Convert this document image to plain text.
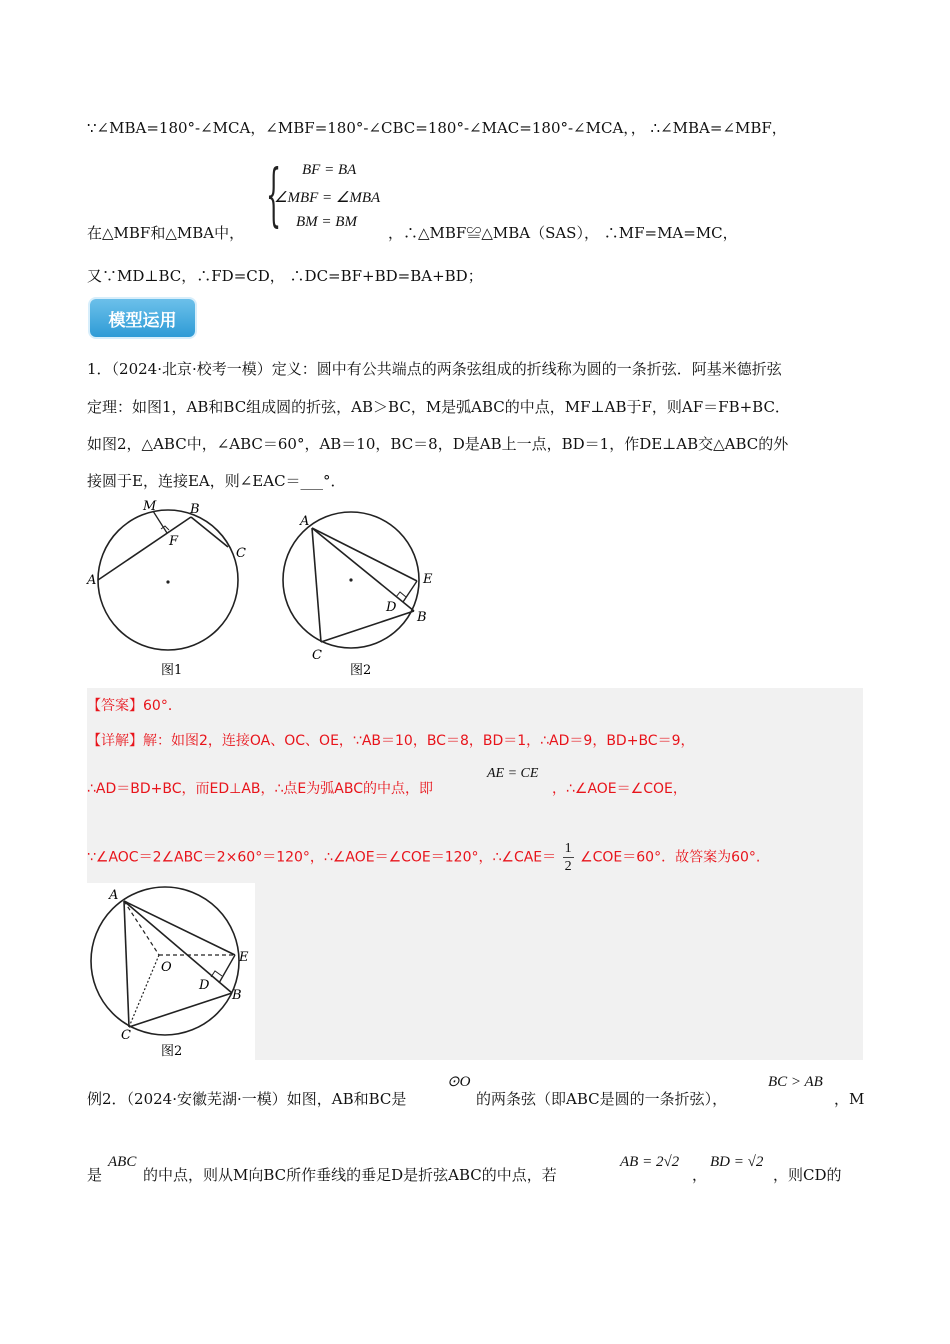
∵∠MBA=180°-∠MCA，∠MBF=180°-∠CBC=180°-∠MAC=180°-∠MCA，， ∴∠MBA=∠MBF，
{ BF = BA
∠MBF = ∠MBA
BM = BM
在△MBF和△MBA中，	，∴△MBF≌△MBA（SAS）， ∴MF=MA=MC，
又∵MD⊥BC，∴FD=CD， ∴DC=BF+BD=BA+BD；
模型运用
1．（2024·北京·校考一模）定义：圆中有公共端点的两条弦组成的折线称为圆的一条折弦．阿基米德折弦
定理：如图1，AB和BC组成圆的折弦，AB＞BC，M是弧ABC的中点，MF⊥AB于F，则AF＝FB+BC．
如图2，△ABC中，∠ABC＝60°，AB＝10，BC＝8，D是AB上一点，BD＝1，作DE⊥AB交△ABC的外
接圆于E，连接EA，则∠EAC＝___°．
A
B
C
M
F
图1
A
E
D
B
C
图2
【答案】60°．
【详解】解：如图2，连接OA、OC、OE，∵AB＝10，BC＝8，BD＝1，∴AD＝9，BD+BC＝9，
∴AD＝BD+BC，而ED⊥AB，∴点E为弧ABC的中点，即
AE = CE
，∴∠AOE＝∠COE，
∵∠AOC＝2∠ABC＝2×60°＝120°，∴∠AOE＝∠COE＝120°，∴∠CAE＝ $\frac{1}{2}$ ∠COE＝60°．故答案为60°.
A
O
E
D
B
C
图2
例2．（2024·安徽芜湖·一模）如图，AB和BC是
⊙O
的两条弦（即ABC是圆的一条折弦），
BC > AB
，M
是
ABC
的中点，则从M向BC所作垂线的垂足D是折弦ABC的中点，若
AB = 2√2
，
BD = √2
，则CD的
